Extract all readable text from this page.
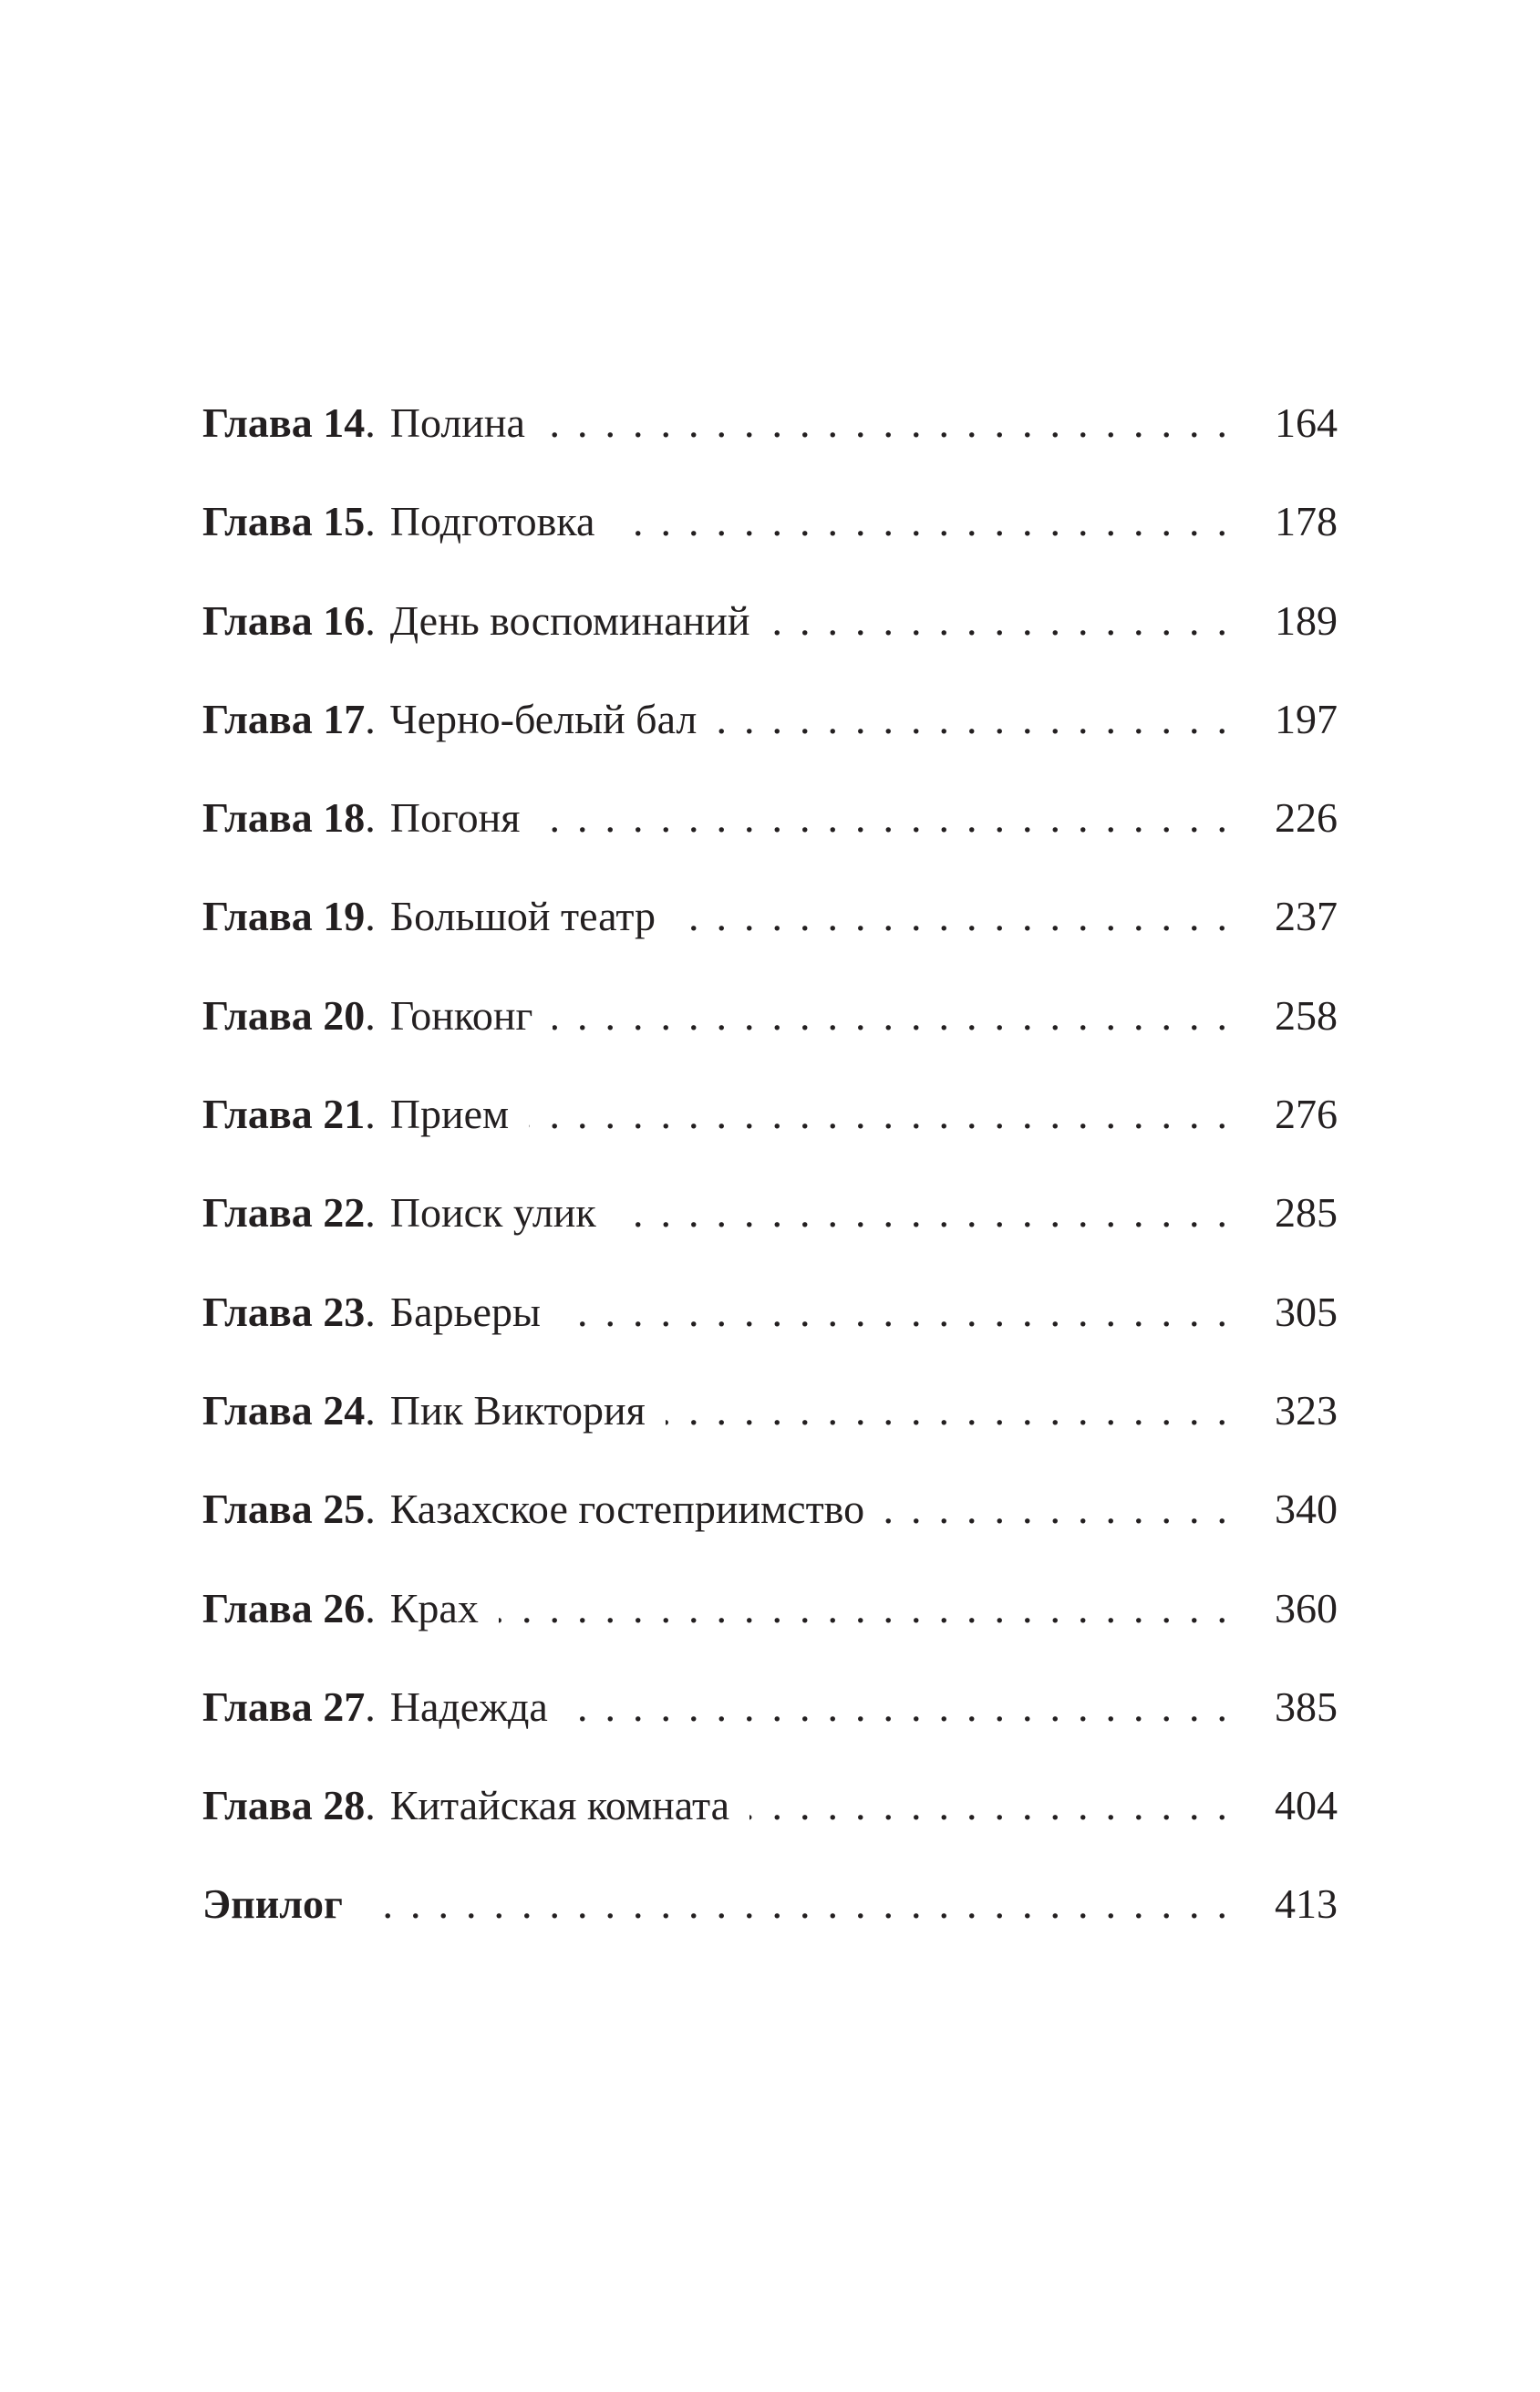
Глава 14 . Полина .....	164
Глава 15 . Подготовка .....	178
Глава 16 . День воспоминаний .....	189
Глава 17 . Черно-белый бал .....	197
Глава 18 . Погоня .....	226
Глава 19 . Большой театр .....	237
Глава 20 . Гонконг .....	258
Глава 21 . Прием .....	276
Глава 22 . Поиск улик .....	285
Глава 23 . Барьеры .....	305
Глава 24 . Пик Виктория .....	323
Глава 25 . Казахское гостеприимство .....	340
Глава 26 . Крах .....	360
Глава 27 . Надежда .....	385
Глава 28 . Китайская комната .....	404
Эпилог .....	413
